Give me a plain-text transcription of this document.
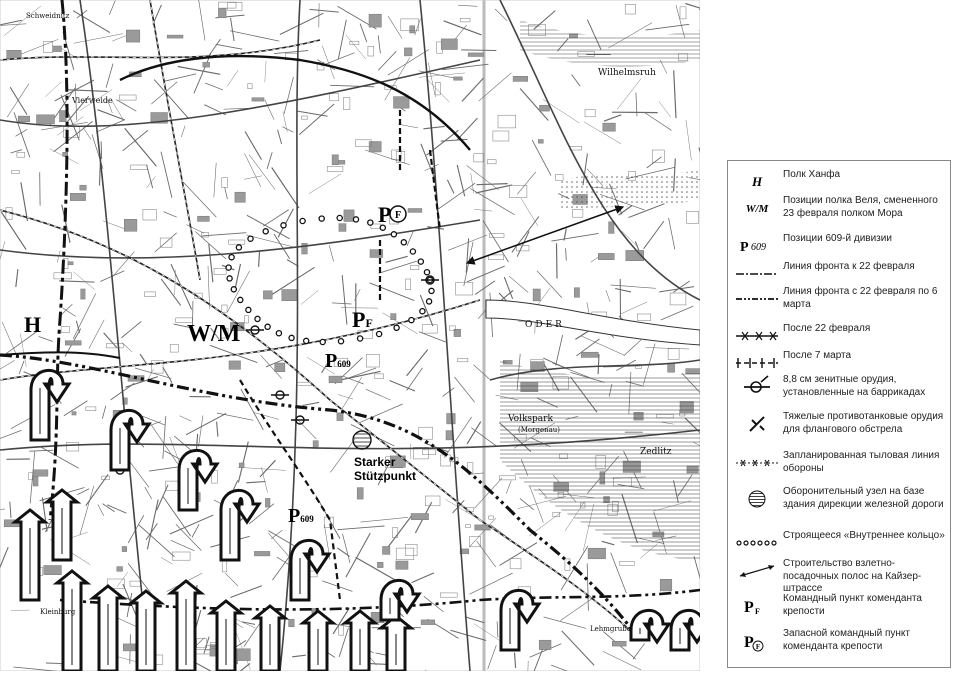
F
P
Schweidnitz
Wilhelmsruh
Vierweide
ODER
Volkspark
(Morgenau)
Zedlitz
Kleinburg
Lehmgrube
H	W/M
PF
P609
P609
Starker
Stützpunkt
H Полк Ханфа
W/M
Позиции полка Веля, смененного 23 февраля полком Мора
P 609
Позиции 609-й дивизии
Линия фронта к 22 февраля
Линия фронта с 22 февраля по 6 марта
После 22 февраля
После 7 марта
8,8 см зенитные орудия, установленные на баррикадах
Тяжелые противотанковые орудия для флангового обстрела
Запланированная тыловая линия обороны
Оборонительный узел на базе здания дирекции железной дороги
Строящееся «Внутреннее кольцо»
Строительство взлетно-посадочных полос на Кайзер-штрассе
P F
Командный пункт коменданта крепости
P F
Запасной командный пункт коменданта крепости
